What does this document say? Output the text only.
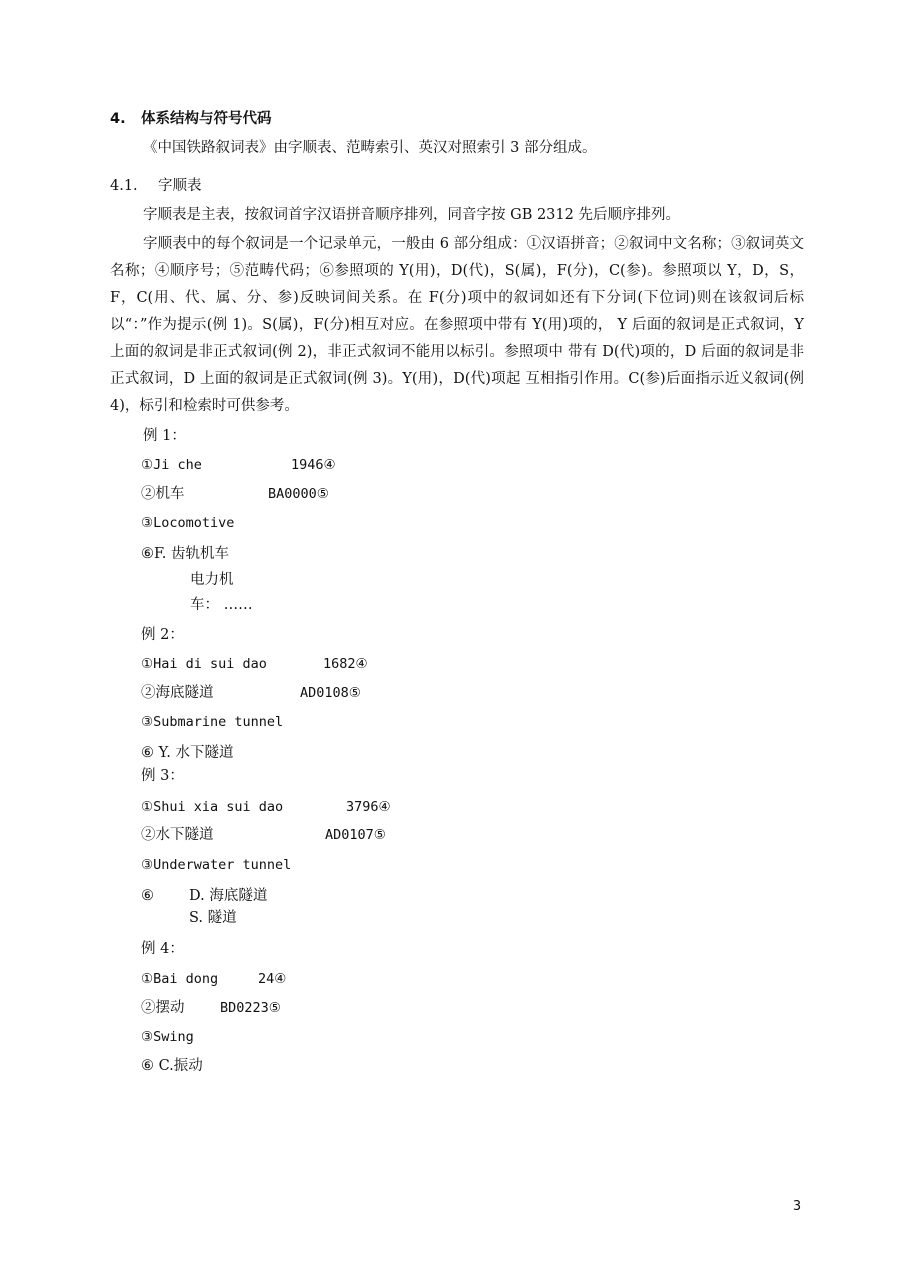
4. 体系结构与符号代码
《中国铁路叙词表》由字顺表、范畴索引、英汉对照索引 3 部分组成。
4.1. 字顺表
字顺表是主表，按叙词首字汉语拼音顺序排列，同音字按 GB 2312 先后顺序排列。
字顺表中的每个叙词是一个记录单元，一般由 6 部分组成：①汉语拼音；②叙词中文名称；③叙词英文名称；④顺序号；⑤范畴代码；⑥参照项的 Y(用)，D(代)，S(属)，F(分)，C(参)。参照项以 Y，D，S，F，C(用、代、属、分、参)反映词间关系。在 F(分)项中的叙词如还有下分词(下位词)则在该叙词后标以“：”作为提示(例 1)。S(属)，F(分)相互对应。在参照项中带有 Y(用)项的， Y 后面的叙词是正式叙词，Y 上面的叙词是非正式叙词(例 2)，非正式叙词不能用以标引。参照项中 带有 D(代)项的，D 后面的叙词是非正式叙词，D 上面的叙词是正式叙词(例 3)。Y(用)，D(代)项起 互相指引作用。C(参)后面指示近义叙词(例4)，标引和检索时可供参考。
例 1：
①Ji che	1946④
②机车	BA0000⑤
③Locomotive
⑥F. 齿轨机车
电力机
车： ……
例 2：
①Hai di sui dao	1682④
②海底隧道	AD0108⑤
③Submarine tunnel
⑥ Y. 水下隧道
例 3：
①Shui xia sui dao	3796④
②水下隧道	AD0107⑤
③Underwater tunnel
⑥ D. 海底隧道
S. 隧道
例 4：
①Bai dong	24④
②摆动	BD0223⑤
③Swing
⑥ C.振动
3
